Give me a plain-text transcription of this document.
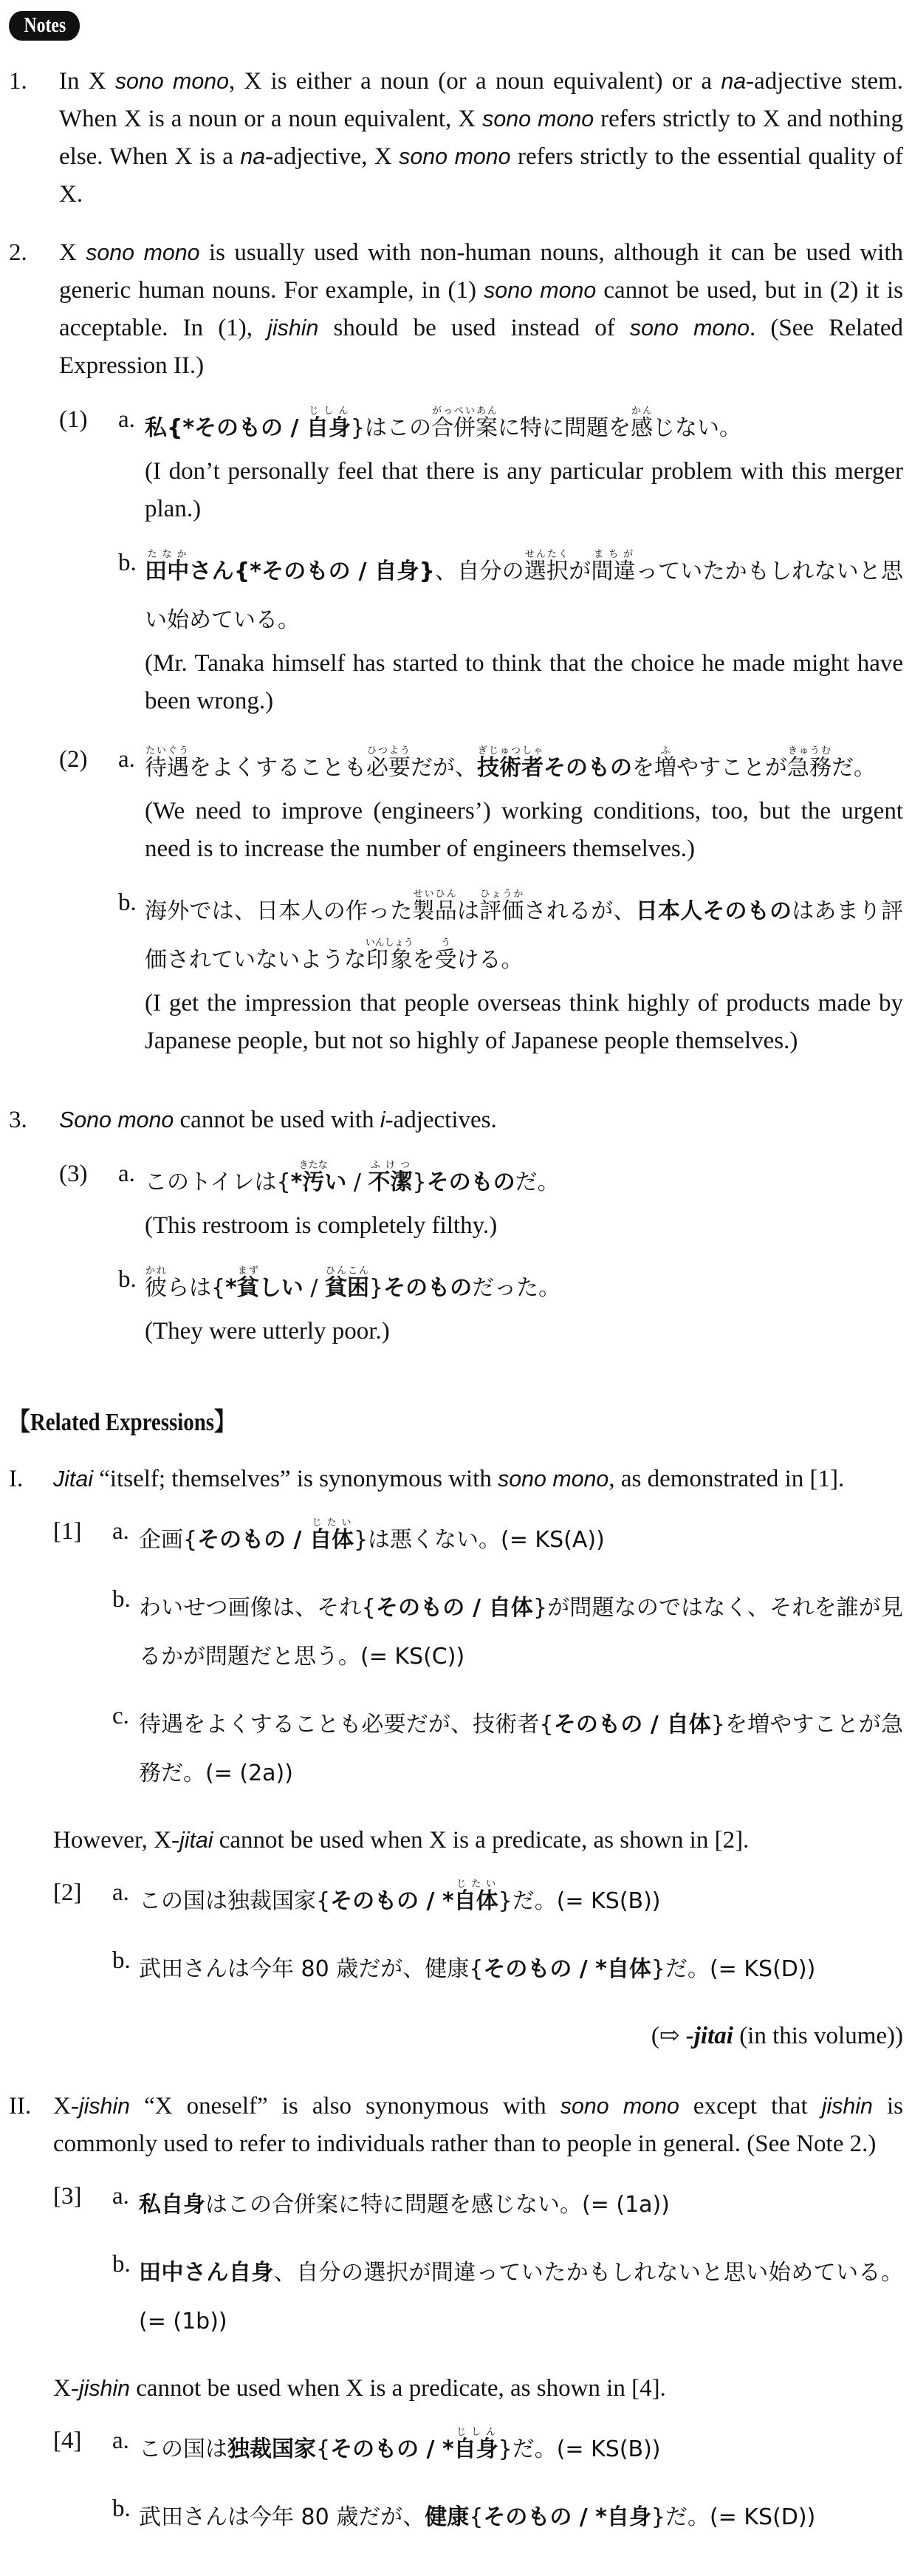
Notes
1.	In X sono mono, X is either a noun (or a noun equivalent) or a na-adjective stem. When X is a noun or a noun equivalent, X sono mono refers strictly to X and nothing else. When X is a na-adjective, X sono mono refers strictly to the essential quality of X.
2.	X sono mono is usually used with non-human nouns, although it can be used with generic human nouns. For example, in (1) sono mono cannot be used, but in (2) it is acceptable. In (1), jishin should be used instead of sono mono. (See Related Expression II.)
(1)	a. 私{*そのもの / 自身じしん}はこの合併案がっぺいあんに特に問題を感かんじない。
(I don’t personally feel that there is any particular problem with this merger plan.)
b. 田中たなかさん{*そのもの / 自身}、自分の選択せんたくが間違まちがっていたかもしれないと思い始めている。
(Mr. Tanaka himself has started to think that the choice he made might have been wrong.)
(2)	a. 待遇たいぐうをよくすることも必要ひつようだが、技術者ぎじゅつしゃそのものを増ふやすことが急務きゅうむだ。
(We need to improve (engineers’) working conditions, too, but the urgent need is to increase the number of engineers themselves.)
b. 海外では、日本人の作った製品せいひんは評価ひょうかされるが、日本人そのものはあまり評価されていないような印象いんしょうを受うける。
(I get the impression that people overseas think highly of products made by Japanese people, but not so highly of Japanese people themselves.)
3.	Sono mono cannot be used with i-adjectives.
(3)	a. このトイレは{*汚きたない / 不潔ふけつ}そのものだ。
(This restroom is completely filthy.)
b. 彼かれらは{*貧まずしい / 貧困ひんこん}そのものだった。
(They were utterly poor.)
【Related Expressions】
I.	Jitai “itself; themselves” is synonymous with sono mono, as demonstrated in [1].
[1]	a. 企画{そのもの / 自体じたい}は悪くない。(= KS(A))
b. わいせつ画像は、それ{そのもの / 自体}が問題なのではなく、それを誰が見るかが問題だと思う。(= KS(C))
c. 待遇をよくすることも必要だが、技術者{そのもの / 自体}を増やすことが急務だ。(= (2a))
However, X-jitai cannot be used when X is a predicate, as shown in [2].
[2]	a. この国は独裁国家{そのもの / *自体じたい}だ。(= KS(B))
b. 武田さんは今年 80 歳だが、健康{そのもの / *自体}だ。(= KS(D))
(⇨ -jitai (in this volume))
II. X-jishin “X oneself” is also synonymous with sono mono except that jishin is commonly used to refer to individuals rather than to people in general. (See Note 2.)
[3]	a. 私自身はこの合併案に特に問題を感じない。(= (1a))
b. 田中さん自身、自分の選択が間違っていたかもしれないと思い始めている。(= (1b))
X-jishin cannot be used when X is a predicate, as shown in [4].
[4]	a. この国は独裁国家{そのもの / *自身じしん}だ。(= KS(B))
b. 武田さんは今年 80 歳だが、健康{そのもの / *自身}だ。(= KS(D))
